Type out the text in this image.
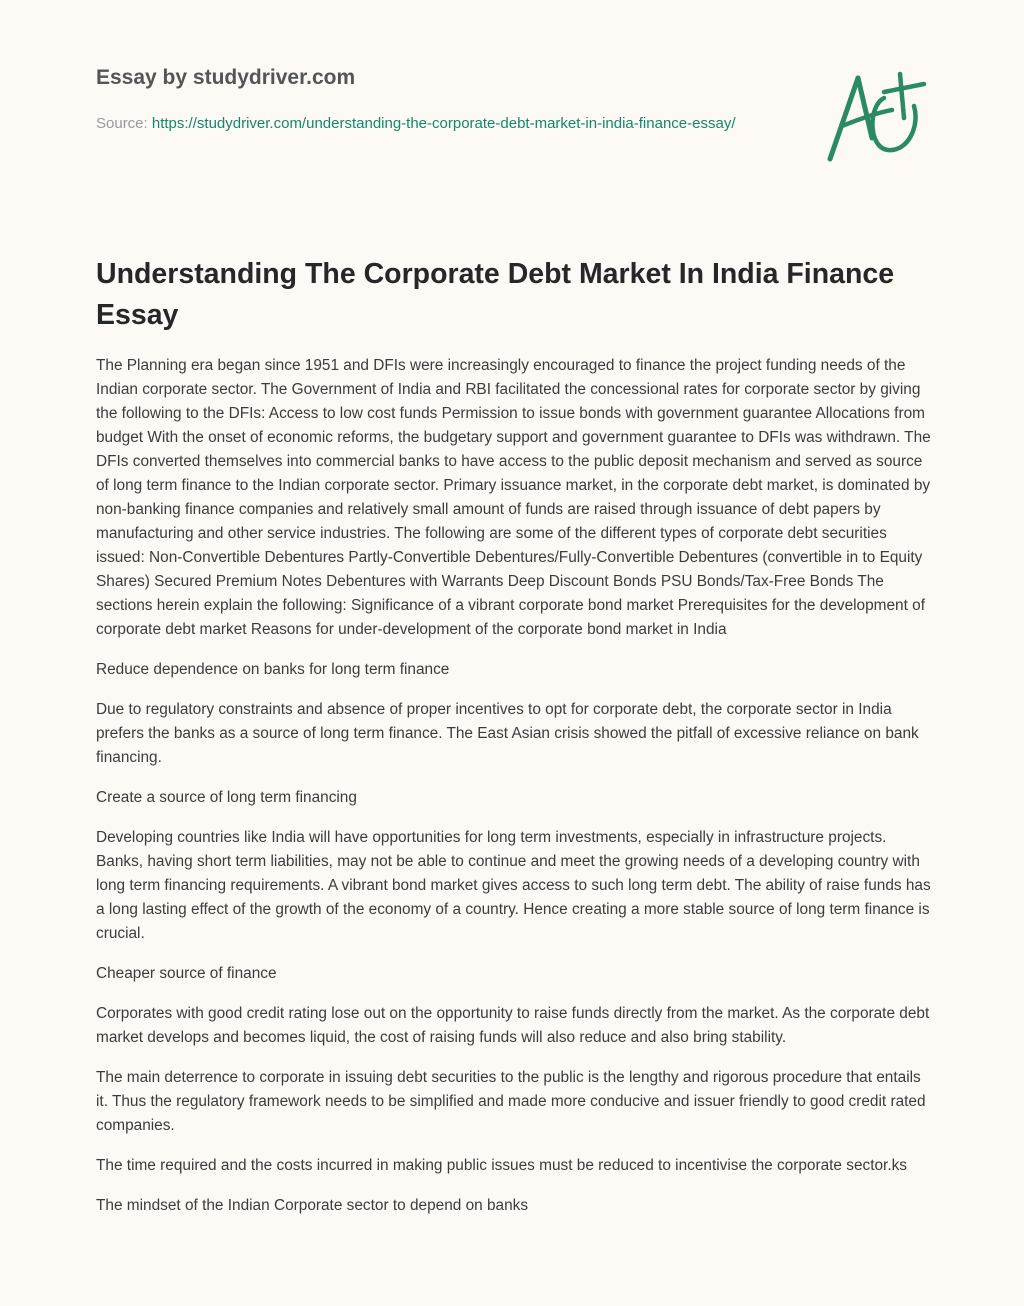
Essay by studydriver.com
Source: https://studydriver.com/understanding-the-corporate-debt-market-in-india-finance-essay/
Understanding The Corporate Debt Market In India Finance Essay

The Planning era began since 1951 and DFIs were increasingly encouraged to finance the project funding needs of the Indian corporate sector. The Government of India and RBI facilitated the concessional rates for corporate sector by giving the following to the DFIs: Access to low cost funds Permission to issue bonds with government guarantee Allocations from budget With the onset of economic reforms, the budgetary support and government guarantee to DFIs was withdrawn. The DFIs converted themselves into commercial banks to have access to the public deposit mechanism and served as source of long term finance to the Indian corporate sector. Primary issuance market, in the corporate debt market, is dominated by non-banking finance companies and relatively small amount of funds are raised through issuance of debt papers by manufacturing and other service industries. The following are some of the different types of corporate debt securities issued: Non-Convertible Debentures Partly-Convertible Debentures/Fully-Convertible Debentures (convertible in to Equity Shares) Secured Premium Notes Debentures with Warrants Deep Discount Bonds PSU Bonds/Tax-Free Bonds The sections herein explain the following: Significance of a vibrant corporate bond market Prerequisites for the development of corporate debt market Reasons for under-development of the corporate bond market in India

Reduce dependence on banks for long term finance

Due to regulatory constraints and absence of proper incentives to opt for corporate debt, the corporate sector in India prefers the banks as a source of long term finance. The East Asian crisis showed the pitfall of excessive reliance on bank financing.

Create a source of long term financing

Developing countries like India will have opportunities for long term investments, especially in infrastructure projects. Banks, having short term liabilities, may not be able to continue and meet the growing needs of a developing country with long term financing requirements. A vibrant bond market gives access to such long term debt. The ability of raise funds has a long lasting effect of the growth of the economy of a country. Hence creating a more stable source of long term finance is crucial.

Cheaper source of finance

Corporates with good credit rating lose out on the opportunity to raise funds directly from the market. As the corporate debt market develops and becomes liquid, the cost of raising funds will also reduce and also bring stability.

The main deterrence to corporate in issuing debt securities to the public is the lengthy and rigorous procedure that entails it. Thus the regulatory framework needs to be simplified and made more conducive and issuer friendly to good credit rated companies.

The time required and the costs incurred in making public issues must be reduced to incentivise the corporate sector.ks

The mindset of the Indian Corporate sector to depend on banks
